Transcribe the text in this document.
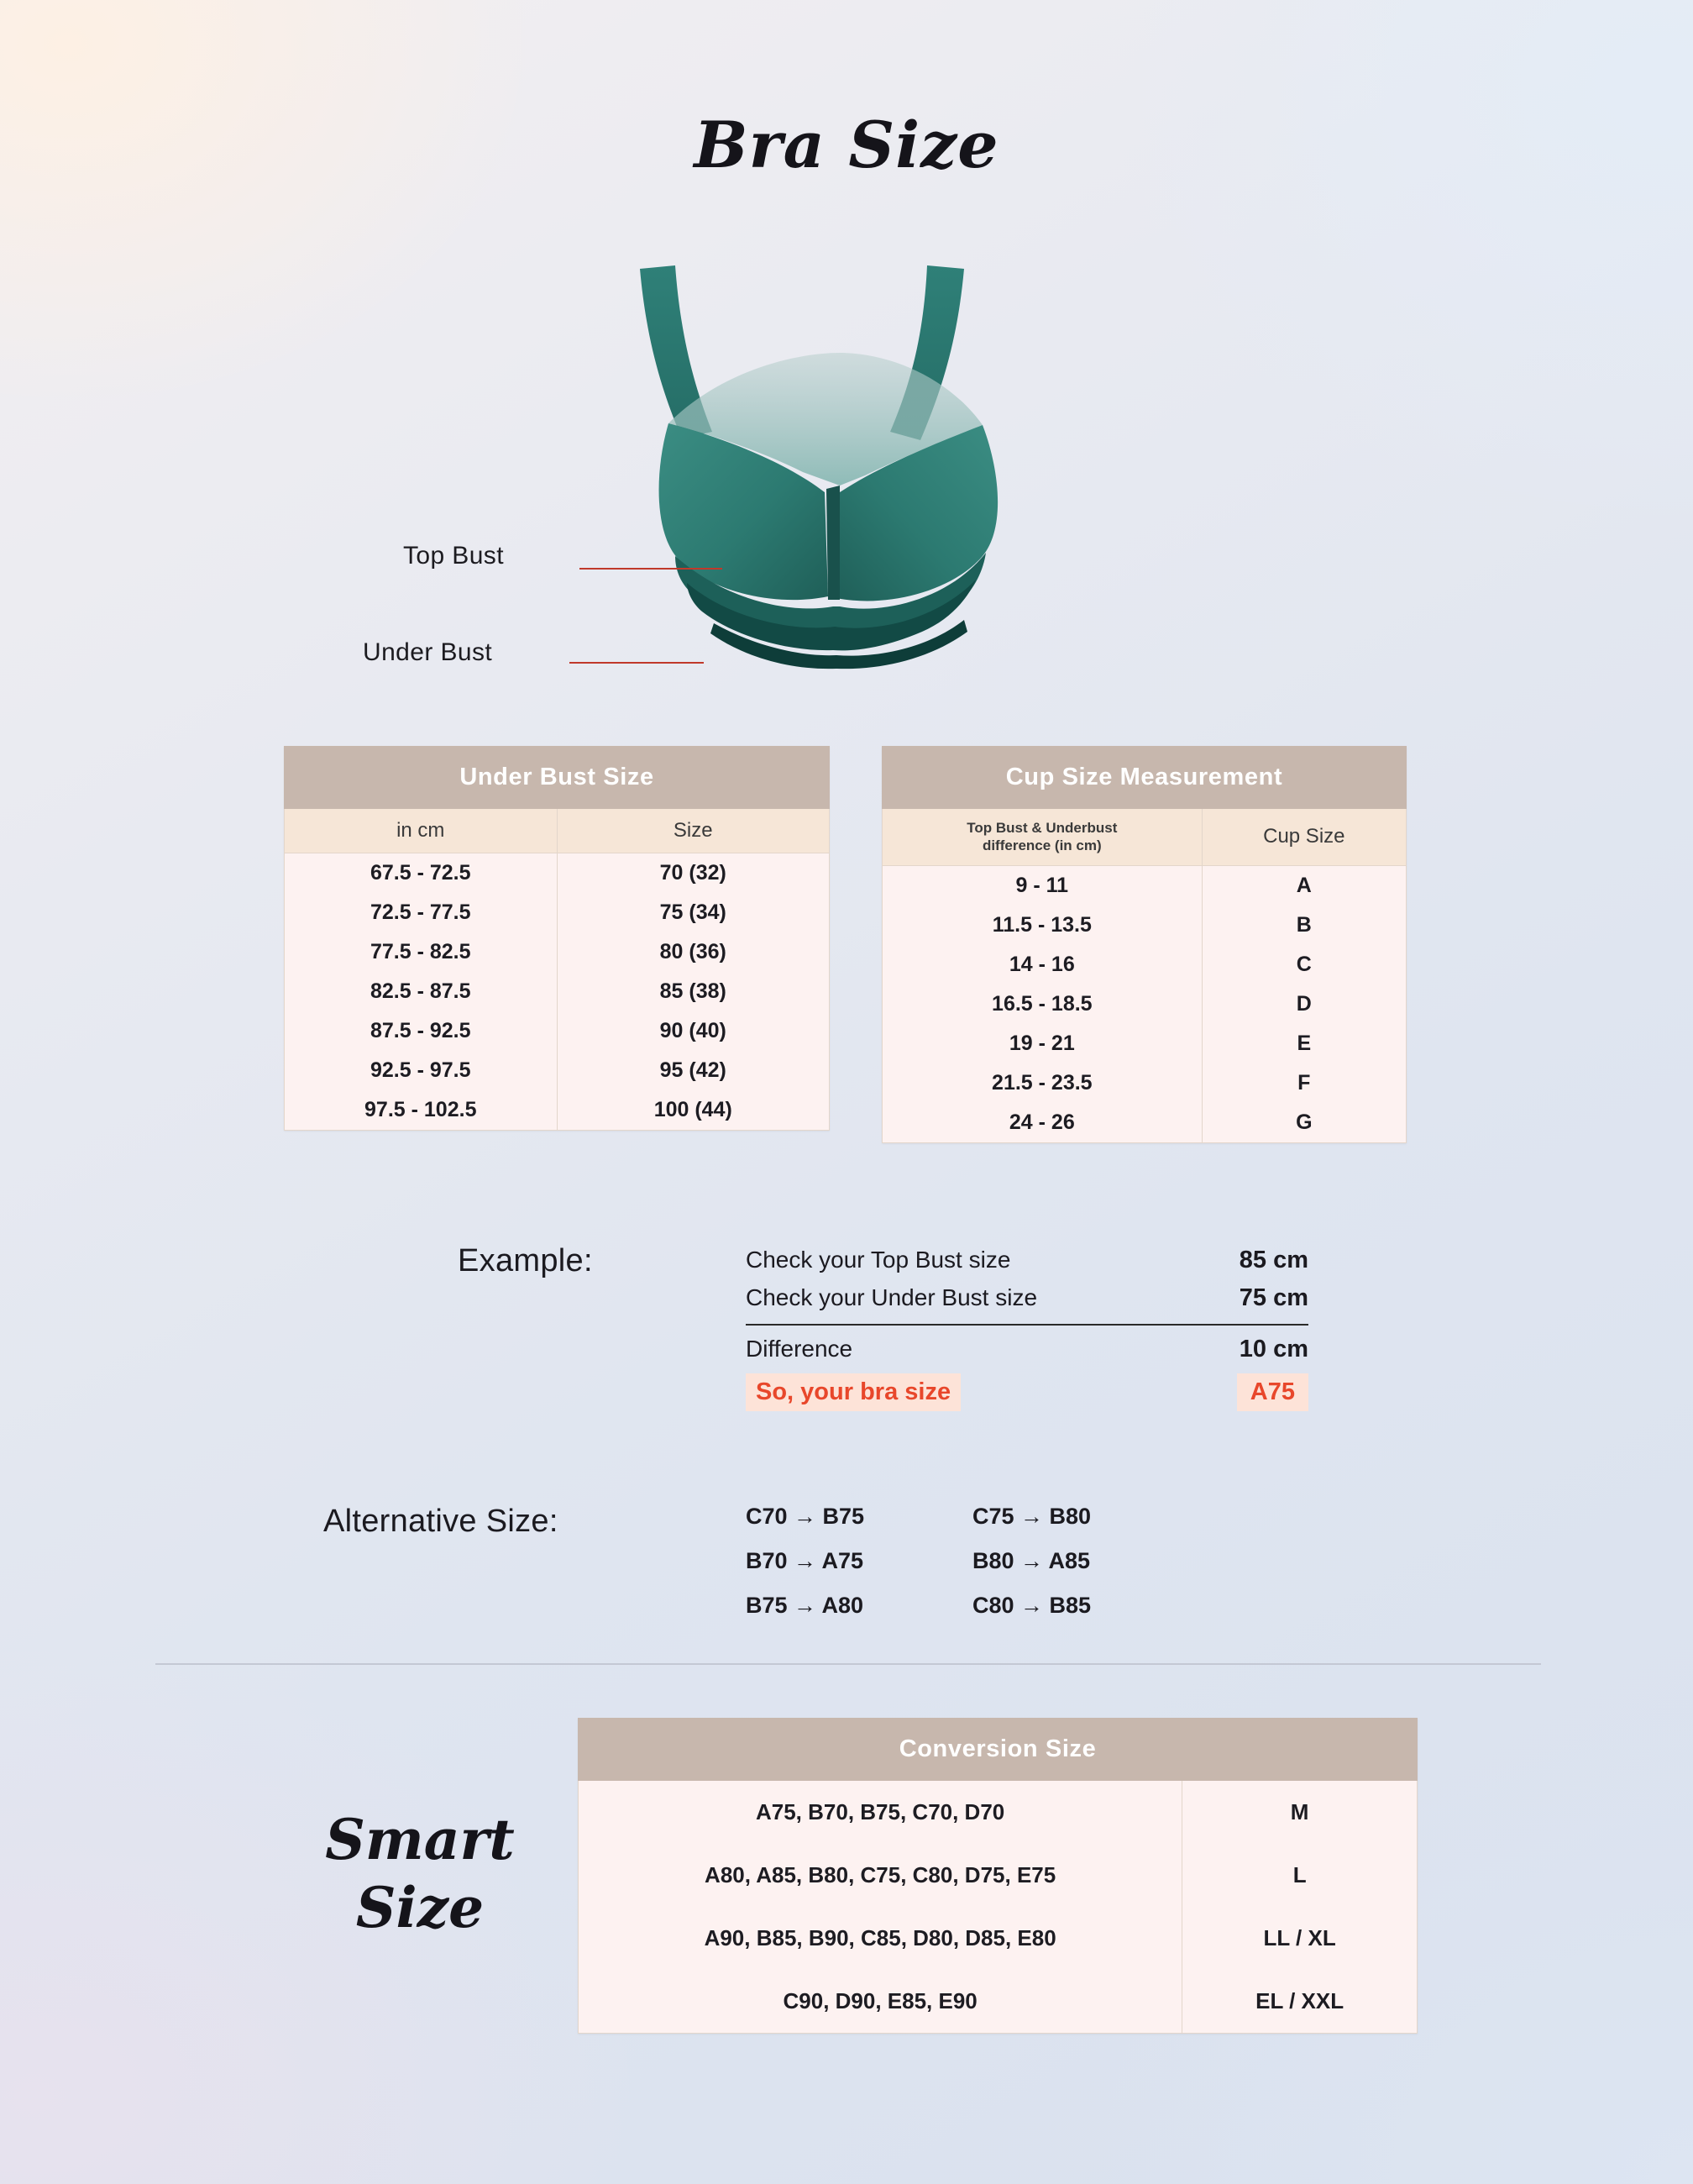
Bra Size
Top Bust
Under Bust
Under Bust Size	
in cm	Size
67.5 - 72.5	70 (32)
72.5 - 77.5	75 (34)
77.5 - 82.5	80 (36)
82.5 - 87.5	85 (38)
87.5 - 92.5	90 (40)
92.5 - 97.5	95 (42)
97.5 - 102.5	100 (44)
Cup Size Measurement	

Top Bust & Underbust
difference (in cm)	Cup Size
9 - 11	A
11.5 - 13.5	B
14 - 16	C
16.5 - 18.5	D
19 - 21	E
21.5 - 23.5	F
24 - 26	G
Example:	Check your Top Bust size	85 cm
Check your Under Bust size	75 cm
Difference	10 cm
So, your bra size	A75
Alternative Size:	C70 → B75	C75 → B80
B70 → A75	B80 → A85
B75 → A80	C80 → B85
Smart
Size
Conversion Size	
A75, B70, B75, C70, D70	M
A80, A85, B80, C75, C80, D75, E75	L
A90, B85, B90, C85, D80, D85, E80	LL / XL
C90, D90, E85, E90	EL / XXL
